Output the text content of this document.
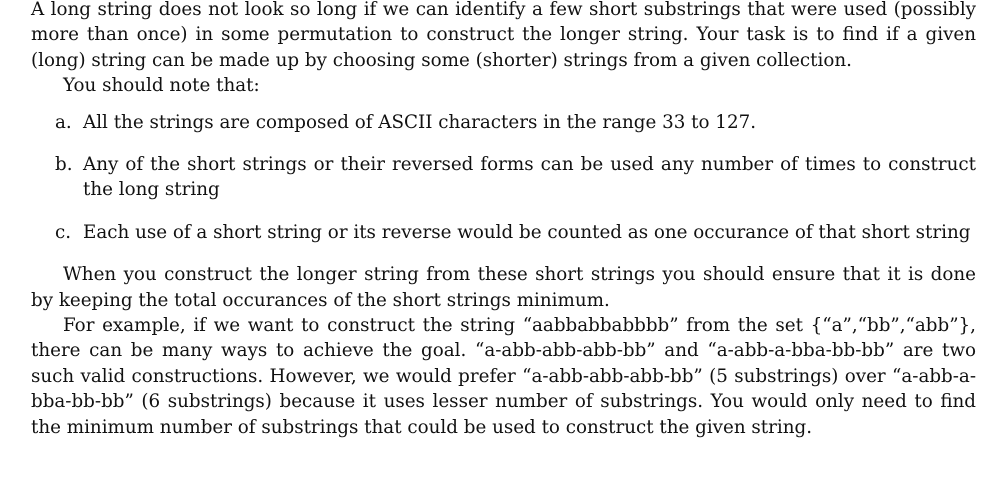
A long string does not look so long if we can identify a few short substrings that were used (possibly more than once) in some permutation to construct the longer string. Your task is to find if a given (long) string can be made up by choosing some (shorter) strings from a given collection.

You should note that:

a. All the strings are composed of ASCII characters in the range 33 to 127.
b. Any of the short strings or their reversed forms can be used any number of times to construct the long string
c. Each use of a short string or its reverse would be counted as one occurance of that short string

When you construct the longer string from these short strings you should ensure that it is done by keeping the total occurances of the short strings minimum.

For example, if we want to construct the string “aabbabbabbbb” from the set {“a”,“bb”,“abb”}, there can be many ways to achieve the goal. “a-abb-abb-abb-bb” and “a-abb-a-bba-bb-bb” are two such valid constructions. However, we would prefer “a-abb-abb-abb-bb” (5 substrings) over “a-abb-a-bba-bb-bb” (6 substrings) because it uses lesser number of substrings. You would only need to find the minimum number of substrings that could be used to construct the given string.
